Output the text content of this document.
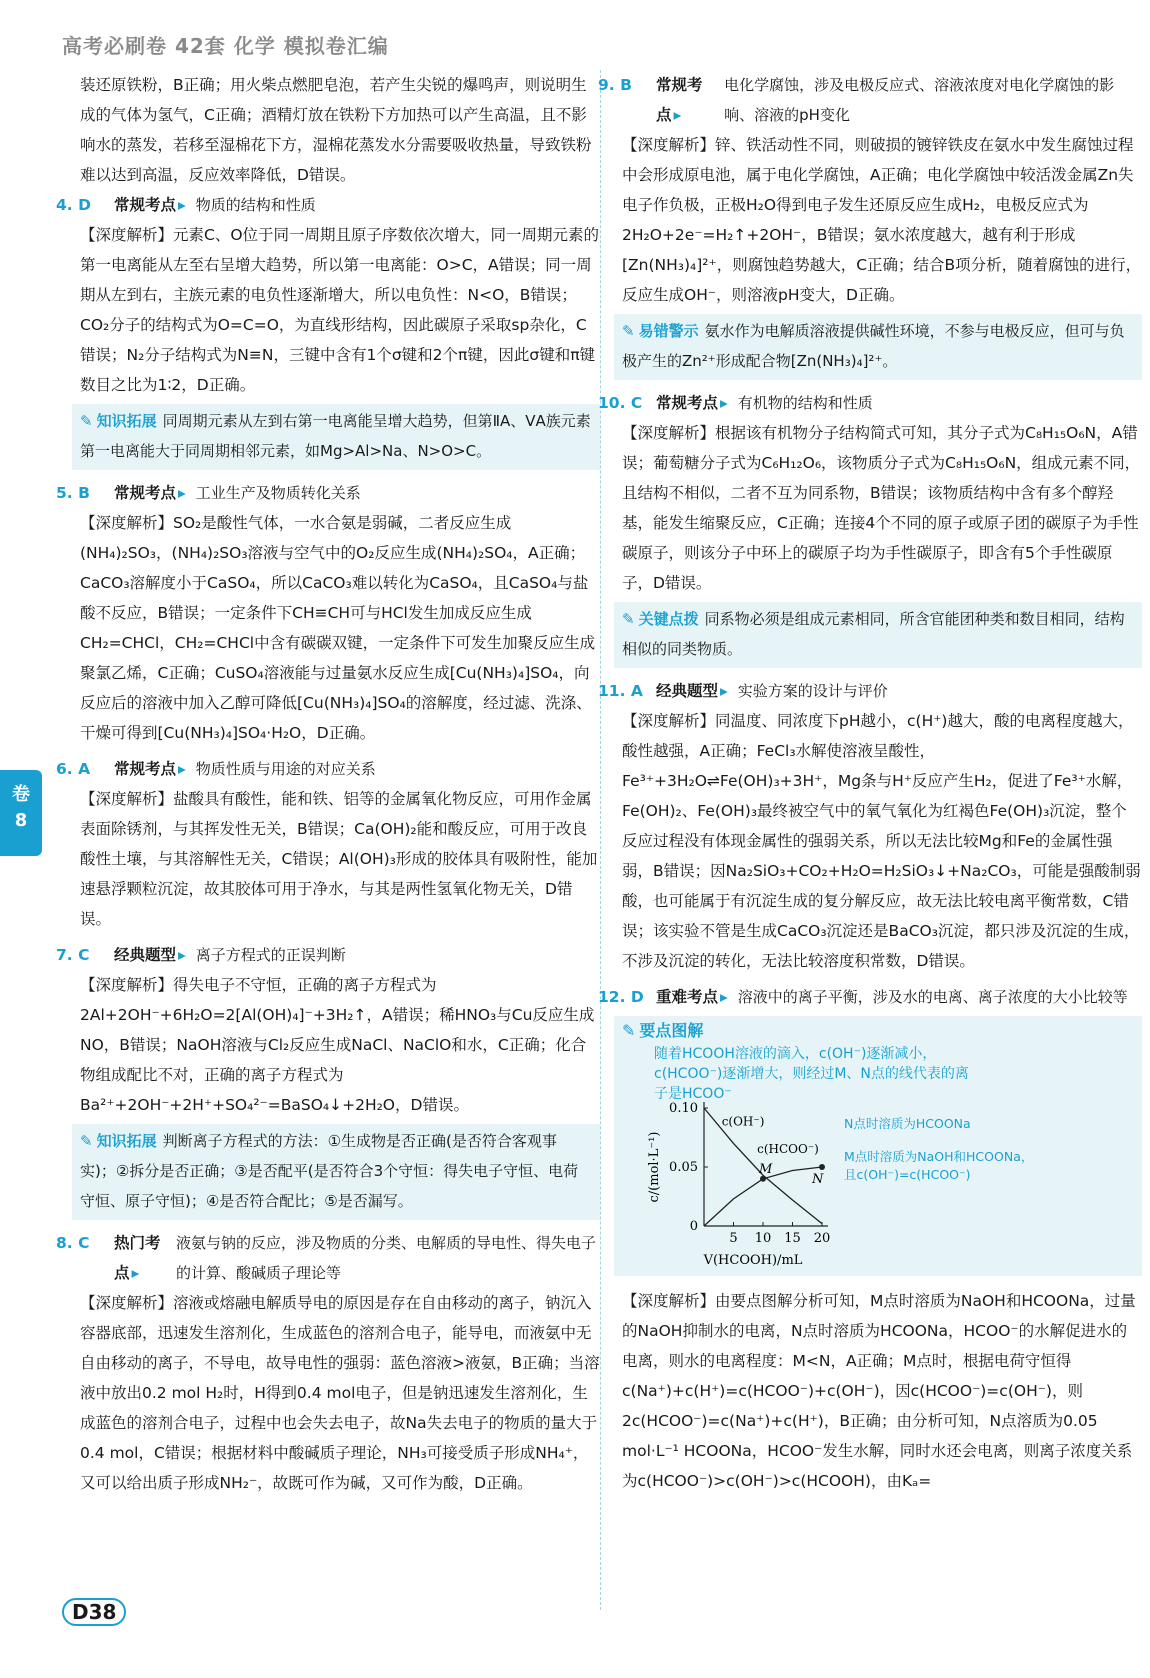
高考必刷卷 42套 化学 模拟卷汇编
装还原铁粉，B正确；用火柴点燃肥皂泡，若产生尖锐的爆鸣声，则说明生成的气体为氢气，C正确；酒精灯放在铁粉下方加热可以产生高温，且不影响水的蒸发，若移至湿棉花下方，湿棉花蒸发水分需要吸收热量，导致铁粉难以达到高温，反应效率降低，D错误。
4. D	常规考点 ▸	物质的结构和性质
【深度解析】元素C、O位于同一周期且原子序数依次增大，同一周期元素的第一电离能从左至右呈增大趋势，所以第一电离能：O>C，A错误；同一周期从左到右，主族元素的电负性逐渐增大，所以电负性：N<O，B错误；CO₂分子的结构式为O=C=O，为直线形结构，因此碳原子采取sp杂化，C错误；N₂分子结构式为N≡N，三键中含有1个σ键和2个π键，因此σ键和π键数目之比为1∶2，D正确。
✎ 知识拓展 同周期元素从左到右第一电离能呈增大趋势，但第ⅡA、ⅤA族元素第一电离能大于同周期相邻元素，如Mg>Al>Na、N>O>C。
5. B	常规考点 ▸	工业生产及物质转化关系
【深度解析】SO₂是酸性气体，一水合氨是弱碱，二者反应生成(NH₄)₂SO₃，(NH₄)₂SO₃溶液与空气中的O₂反应生成(NH₄)₂SO₄，A正确；CaCO₃溶解度小于CaSO₄，所以CaCO₃难以转化为CaSO₄，且CaSO₄与盐酸不反应，B错误；一定条件下CH≡CH可与HCl发生加成反应生成CH₂=CHCl，CH₂=CHCl中含有碳碳双键，一定条件下可发生加聚反应生成聚氯乙烯，C正确；CuSO₄溶液能与过量氨水反应生成[Cu(NH₃)₄]SO₄，向反应后的溶液中加入乙醇可降低[Cu(NH₃)₄]SO₄的溶解度，经过滤、洗涤、干燥可得到[Cu(NH₃)₄]SO₄·H₂O，D正确。
6. A	常规考点 ▸	物质性质与用途的对应关系
【深度解析】盐酸具有酸性，能和铁、铝等的金属氧化物反应，可用作金属表面除锈剂，与其挥发性无关，B错误；Ca(OH)₂能和酸反应，可用于改良酸性土壤，与其溶解性无关，C错误；Al(OH)₃形成的胶体具有吸附性，能加速悬浮颗粒沉淀，故其胶体可用于净水，与其是两性氢氧化物无关，D错误。
7. C	经典题型 ▸	离子方程式的正误判断
【深度解析】得失电子不守恒，正确的离子方程式为2Al+2OH⁻+6H₂O=2[Al(OH)₄]⁻+3H₂↑，A错误；稀HNO₃与Cu反应生成NO，B错误；NaOH溶液与Cl₂反应生成NaCl、NaClO和水，C正确；化合物组成配比不对，正确的离子方程式为Ba²⁺+2OH⁻+2H⁺+SO₄²⁻=BaSO₄↓+2H₂O，D错误。
✎ 知识拓展 判断离子方程式的方法：①生成物是否正确(是否符合客观事实)；②拆分是否正确；③是否配平(是否符合3个守恒：得失电子守恒、电荷守恒、原子守恒)；④是否符合配比；⑤是否漏写。
8. C	热门考点 ▸
液氨与钠的反应，涉及物质的分类、电解质的导电性、得失电子的计算、酸碱质子理论等
【深度解析】溶液或熔融电解质导电的原因是存在自由移动的离子，钠沉入容器底部，迅速发生溶剂化，生成蓝色的溶剂合电子，能导电，而液氨中无自由移动的离子，不导电，故导电性的强弱：蓝色溶液>液氨，B正确；当溶液中放出0.2 mol H₂时，H得到0.4 mol电子，但是钠迅速发生溶剂化，生成蓝色的溶剂合电子，过程中也会失去电子，故Na失去电子的物质的量大于0.4 mol，C错误；根据材料中酸碱质子理论，NH₃可接受质子形成NH₄⁺，又可以给出质子形成NH₂⁻，故既可作为碱，又可作为酸，D正确。
9. B	常规考点 ▸
电化学腐蚀，涉及电极反应式、溶液浓度对电化学腐蚀的影响、溶液的pH变化
【深度解析】锌、铁活动性不同，则破损的镀锌铁皮在氨水中发生腐蚀过程中会形成原电池，属于电化学腐蚀，A正确；电化学腐蚀中较活泼金属Zn失电子作负极，正极H₂O得到电子发生还原反应生成H₂，电极反应式为2H₂O+2e⁻=H₂↑+2OH⁻，B错误；氨水浓度越大，越有利于形成[Zn(NH₃)₄]²⁺，则腐蚀趋势越大，C正确；结合B项分析，随着腐蚀的进行，反应生成OH⁻，则溶液pH变大，D正确。
✎ 易错警示 氨水作为电解质溶液提供碱性环境，不参与电极反应，但可与负极产生的Zn²⁺形成配合物[Zn(NH₃)₄]²⁺。
10. C 常规考点 ▸	有机物的结构和性质
【深度解析】根据该有机物分子结构简式可知，其分子式为C₈H₁₅O₆N，A错误；葡萄糖分子式为C₆H₁₂O₆，该物质分子式为C₈H₁₅O₆N，组成元素不同，且结构不相似，二者不互为同系物，B错误；该物质结构中含有多个醇羟基，能发生缩聚反应，C正确；连接4个不同的原子或原子团的碳原子为手性碳原子，则该分子中环上的碳原子均为手性碳原子，即含有5个手性碳原子，D错误。
✎ 关键点拨 同系物必须是组成元素相同，所含官能团种类和数目相同，结构相似的同类物质。
11. A 经典题型 ▸	实验方案的设计与评价
【深度解析】同温度、同浓度下pH越小，c(H⁺)越大，酸的电离程度越大，酸性越强，A正确；FeCl₃水解使溶液呈酸性，Fe³⁺+3H₂O⇌Fe(OH)₃+3H⁺，Mg条与H⁺反应产生H₂，促进了Fe³⁺水解，Fe(OH)₂、Fe(OH)₃最终被空气中的氧气氧化为红褐色Fe(OH)₃沉淀，整个反应过程没有体现金属性的强弱关系，所以无法比较Mg和Fe的金属性强弱，B错误；因Na₂SiO₃+CO₂+H₂O=H₂SiO₃↓+Na₂CO₃，可能是强酸制弱酸，也可能属于有沉淀生成的复分解反应，故无法比较电离平衡常数，C错误；该实验不管是生成CaCO₃沉淀还是BaCO₃沉淀，都只涉及沉淀的生成，不涉及沉淀的转化，无法比较溶度积常数，D错误。
12. D 重难考点 ▸	溶液中的离子平衡，涉及水的电离、离子浓度的大小比较等
✎ 要点图解
随着HCOOH溶液的滴入，c(OH⁻)逐渐减小，c(HCOO⁻)逐渐增大，则经过M、N点的线代表的离子是HCOO⁻
5 10 15 20
0
0.05
0.10
V(HCOOH)/mL
c/(mol·L⁻¹)
c(OH⁻)
c(HCOO⁻)
M
N
N点时溶质为HCOONa
M点时溶质为NaOH和HCOONa，且c(OH⁻)=c(HCOO⁻)
【深度解析】由要点图解分析可知，M点时溶质为NaOH和HCOONa，过量的NaOH抑制水的电离，N点时溶质为HCOONa，HCOO⁻的水解促进水的电离，则水的电离程度：M<N，A正确；M点时，根据电荷守恒得c(Na⁺)+c(H⁺)=c(HCOO⁻)+c(OH⁻)，因c(HCOO⁻)=c(OH⁻)，则2c(HCOO⁻)=c(Na⁺)+c(H⁺)，B正确；由分析可知，N点溶质为0.05 mol·L⁻¹ HCOONa，HCOO⁻发生水解，同时水还会电离，则离子浓度关系为c(HCOO⁻)>c(OH⁻)>c(HCOOH)，由Kₐ=
卷
8
D38
